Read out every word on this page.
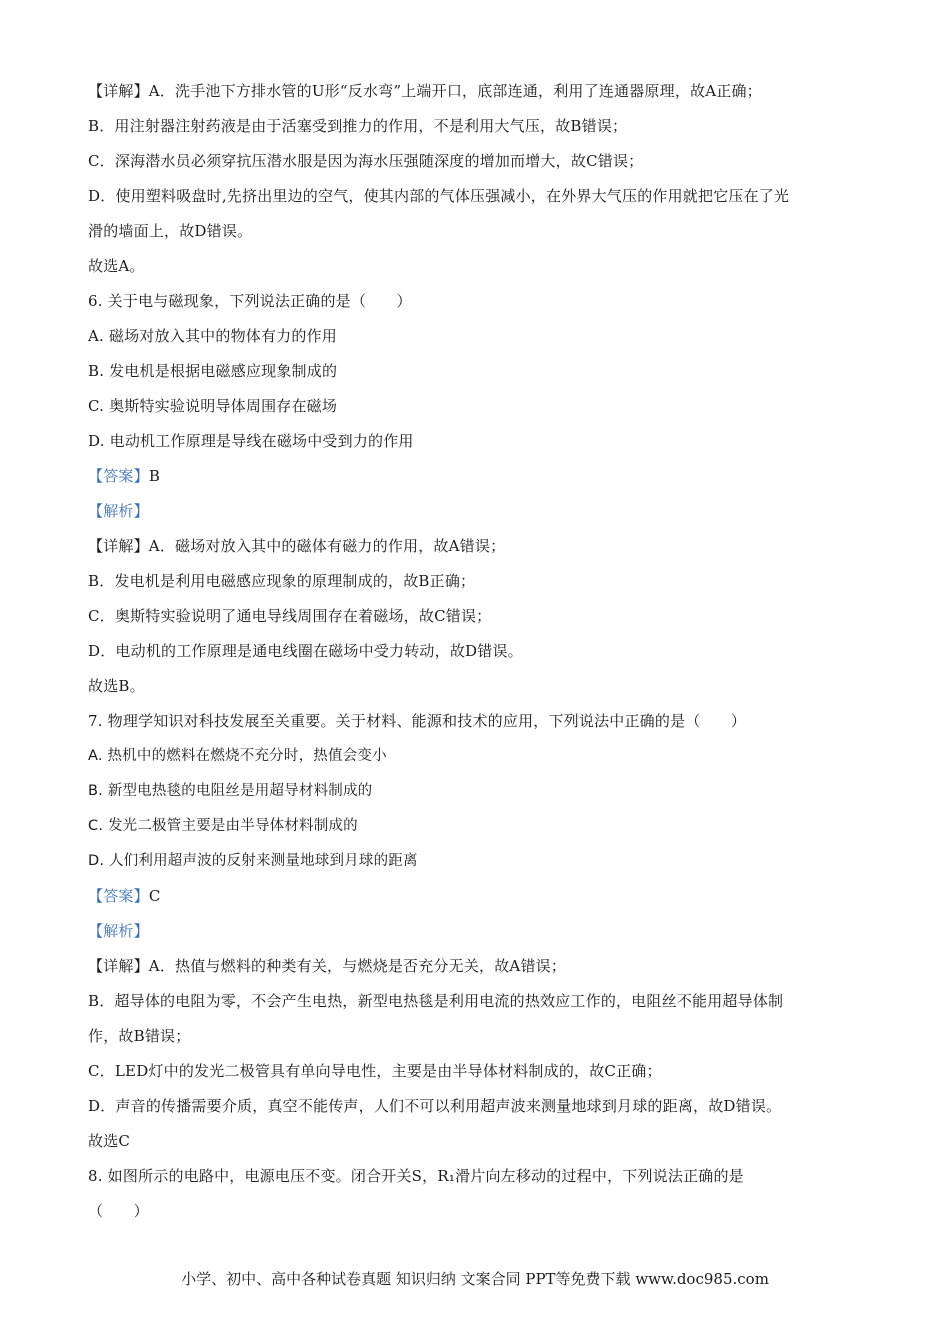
【详解】A．洗手池下方排水管的U形“反水弯”上端开口，底部连通，利用了连通器原理，故A正确；
B．用注射器注射药液是由于活塞受到推力的作用，不是利用大气压，故B错误；
C．深海潜水员必须穿抗压潜水服是因为海水压强随深度的增加而增大，故C错误；
D．使用塑料吸盘时,先挤出里边的空气，使其内部的气体压强减小，在外界大气压的作用就把它压在了光
滑的墙面上，故D错误。
故选A。
6. 关于电与磁现象，下列说法正确的是（　　）
A. 磁场对放入其中的物体有力的作用
B. 发电机是根据电磁感应现象制成的
C. 奥斯特实验说明导体周围存在磁场
D. 电动机工作原理是导线在磁场中受到力的作用
【答案】B
【解析】
【详解】A．磁场对放入其中的磁体有磁力的作用，故A错误；
B．发电机是利用电磁感应现象的原理制成的，故B正确；
C．奥斯特实验说明了通电导线周围存在着磁场，故C错误；
D．电动机的工作原理是通电线圈在磁场中受力转动，故D错误。
故选B。
7. 物理学知识对科技发展至关重要。关于材料、能源和技术的应用，下列说法中正确的是（　　）
A. 热机中的燃料在燃烧不充分时，热值会变小
B. 新型电热毯的电阻丝是用超导材料制成的
C. 发光二极管主要是由半导体材料制成的
D. 人们利用超声波的反射来测量地球到月球的距离
【答案】C
【解析】
【详解】A．热值与燃料的种类有关，与燃烧是否充分无关，故A错误；
B．超导体的电阻为零，不会产生电热，新型电热毯是利用电流的热效应工作的，电阻丝不能用超导体制
作，故B错误；
C．LED灯中的发光二极管具有单向导电性，主要是由半导体材料制成的，故C正确；
D．声音的传播需要介质，真空不能传声，人们不可以利用超声波来测量地球到月球的距离，故D错误。
故选C
8. 如图所示的电路中，电源电压不变。闭合开关S，R₁滑片向左移动的过程中，下列说法正确的是
（　　）
小学、初中、高中各种试卷真题 知识归纳 文案合同 PPT等免费下载 www.doc985.com
